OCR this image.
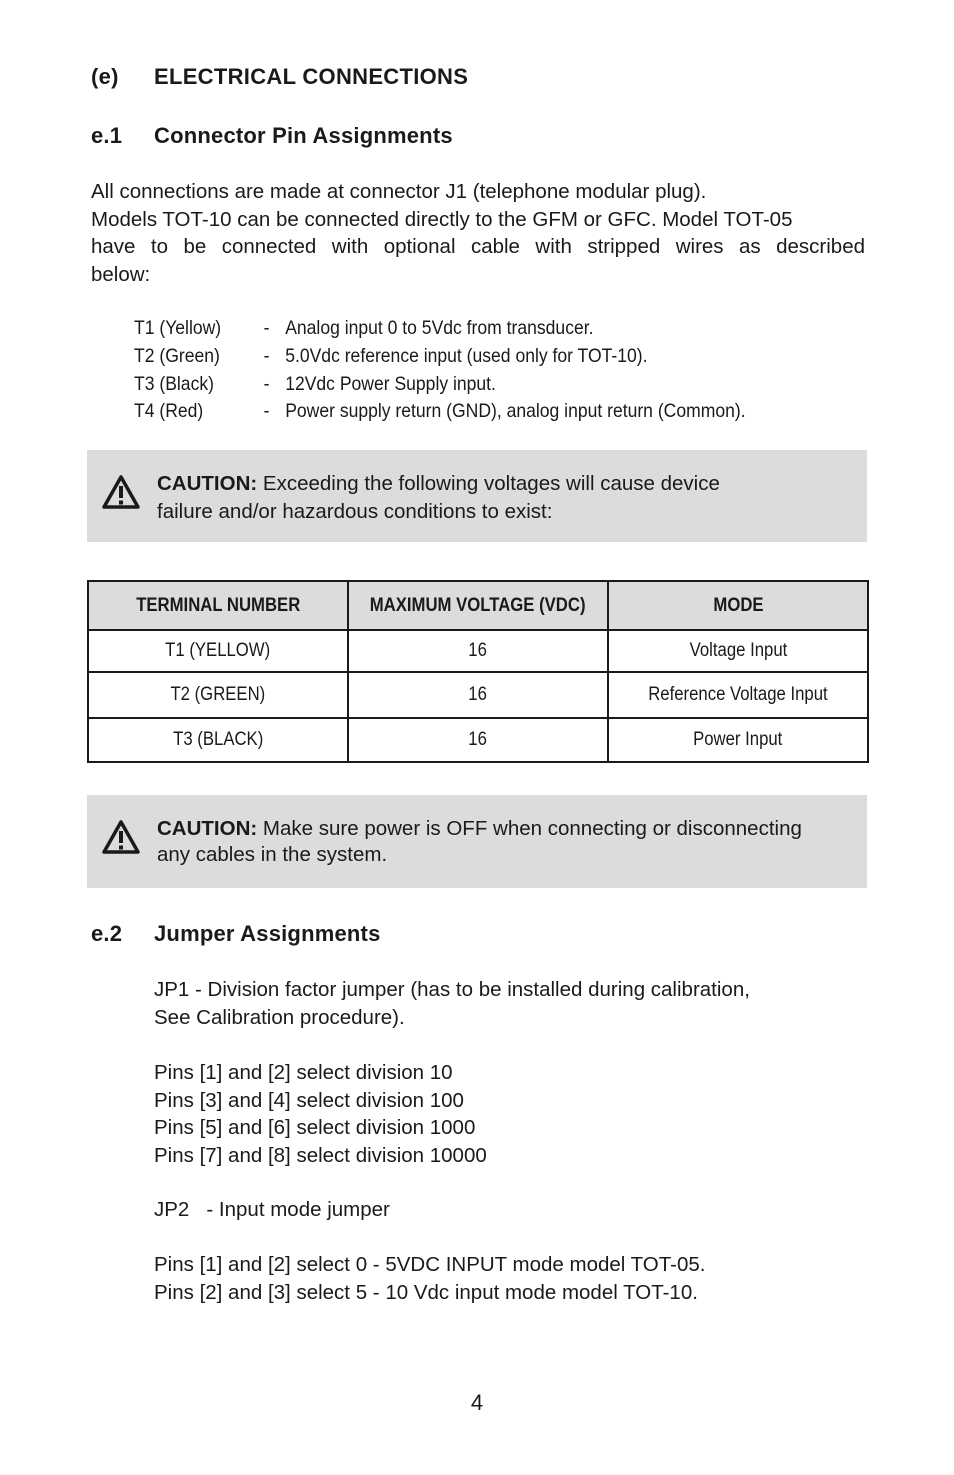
(e) ELECTRICAL CONNECTIONS
e.1 Connector Pin Assignments

All connections are made at connector J1 (telephone modular plug).

Models TOT-10 can be connected directly to the GFM or GFC. Model TOT-05

have to be connected with optional cable with stripped wires as described

below:

T1 (Yellow) - Analog input 0 to 5Vdc from transducer.
T2 (Green) - 5.0Vdc reference input (used only for TOT-10).
T3 (Black)	- 12Vdc Power Supply input.
T4 (Red)	- Power supply return (GND), analog input return (Common).
CAUTION: Exceeding the following voltages will cause device
failure and/or hazardous conditions to exist:
TERMINAL NUMBER	MAXIMUM VOLTAGE (VDC)	MODE
T1 (YELLOW)	16	Voltage Input
T2 (GREEN)	16	Reference Voltage Input
T3 (BLACK)	16	Power Input
CAUTION: Make sure power is OFF when connecting or disconnecting
any cables in the system.
e.2 Jumper Assignments

JP1 - Division factor jumper (has to be installed during calibration,

See Calibration procedure).

Pins [1] and [2] select division 10

Pins [3] and [4] select division 100

Pins [5] and [6] select division 1000

Pins [7] and [8] select division 10000

JP2   - Input mode jumper

Pins [1] and [2] select 0 - 5VDC INPUT mode model TOT-05.

Pins [2] and [3] select 5 - 10 Vdc input mode model TOT-10.

4
